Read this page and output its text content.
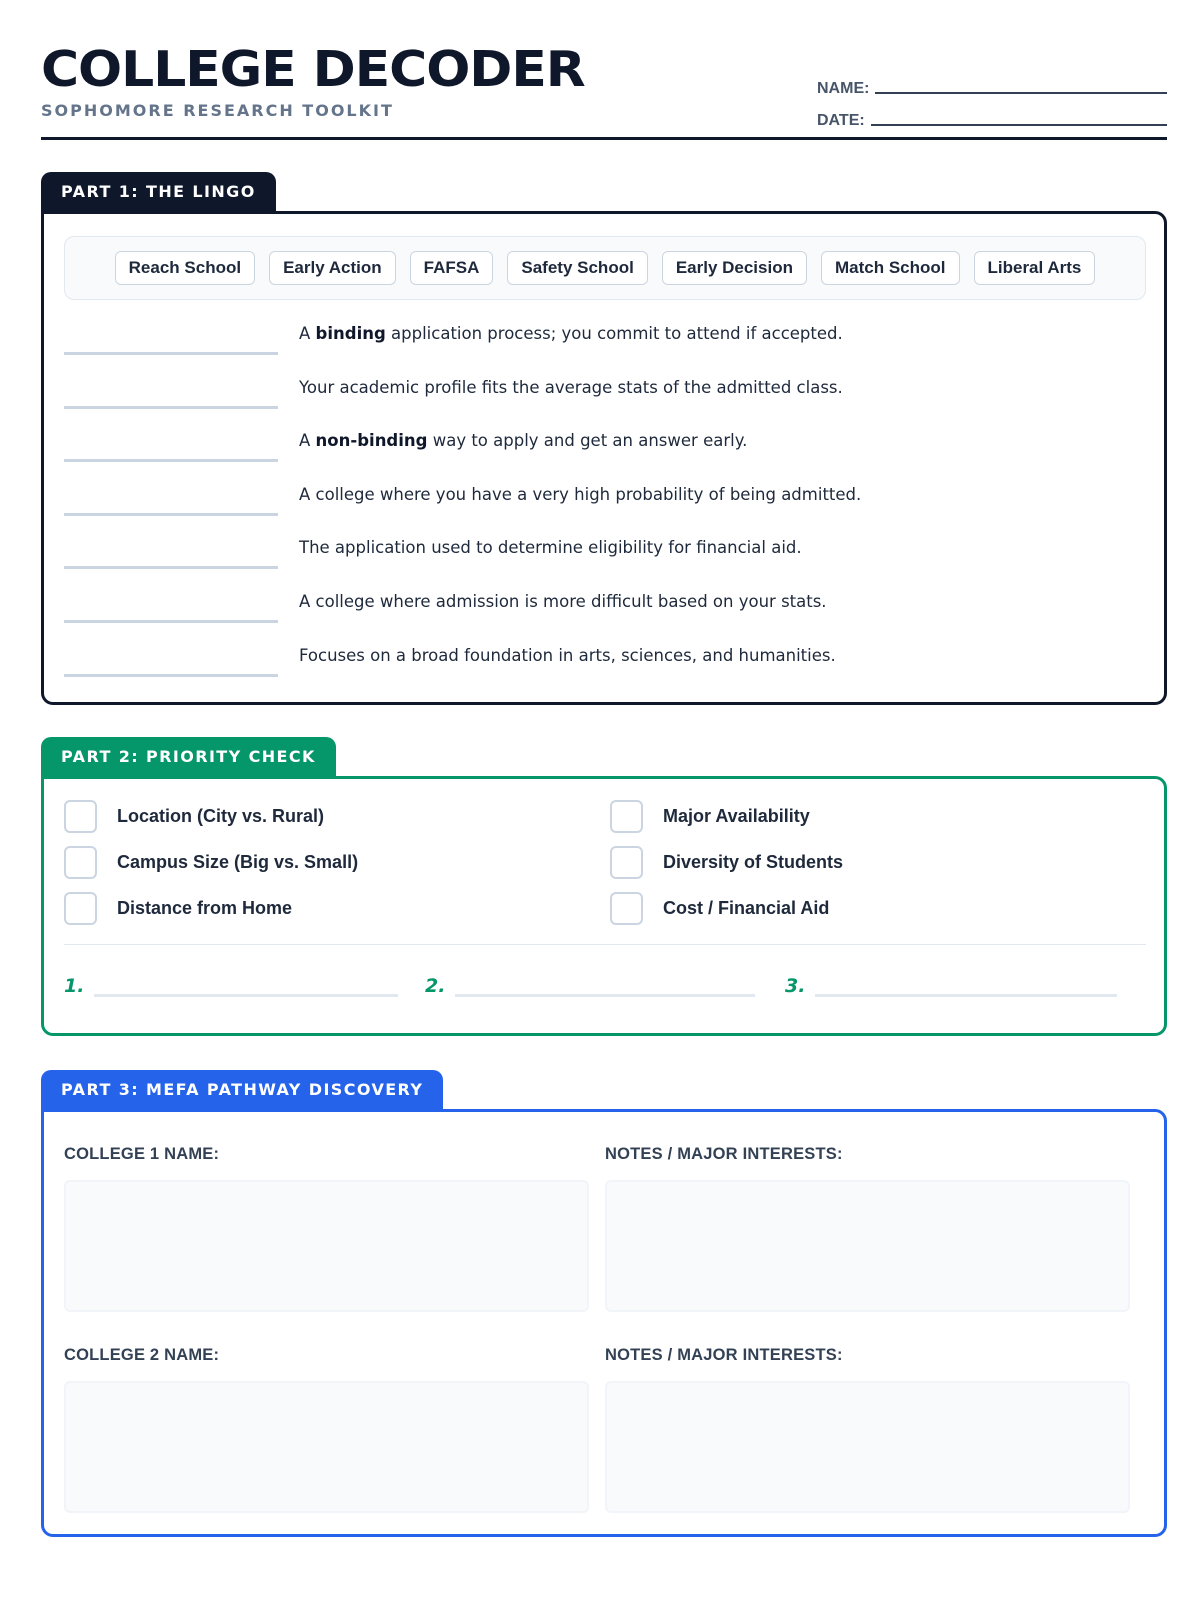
COLLEGE DECODER
SOPHOMORE RESEARCH TOOLKIT
NAME:
DATE:
PART 1: THE LINGO
Reach School	Early Action	FAFSA	Safety School	Early Decision	Match School	Liberal Arts
A binding application process; you commit to attend if accepted.
Your academic profile fits the average stats of the admitted class.
A non-binding way to apply and get an answer early.
A college where you have a very high probability of being admitted.
The application used to determine eligibility for financial aid.
A college where admission is more difficult based on your stats.
Focuses on a broad foundation in arts, sciences, and humanities.
PART 2: PRIORITY CHECK
Location (City vs. Rural)
Campus Size (Big vs. Small)
Distance from Home
Major Availability
Diversity of Students
Cost / Financial Aid
1.	2.	3.
PART 3: MEFA PATHWAY DISCOVERY
COLLEGE 1 NAME:	NOTES / MAJOR INTERESTS:
COLLEGE 2 NAME:	NOTES / MAJOR INTERESTS:
